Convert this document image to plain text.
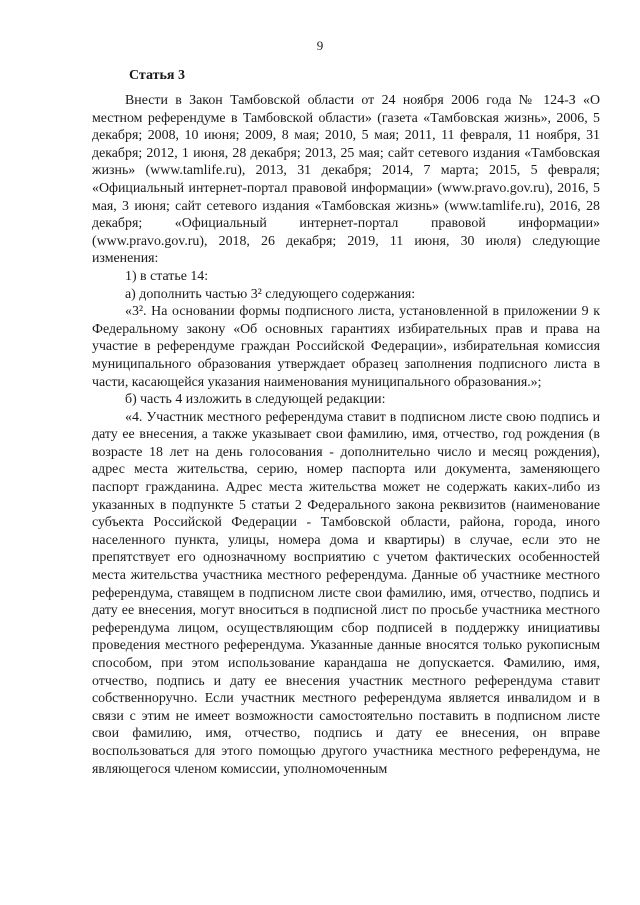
9
Статья 3

Внести в Закон Тамбовской области от 24 ноября 2006 года № 124-З «О местном референдуме в Тамбовской области» (газета «Тамбовская жизнь», 2006, 5 декабря; 2008, 10 июня; 2009, 8 мая; 2010, 5 мая; 2011, 11 февраля, 11 ноября, 31 декабря; 2012, 1 июня, 28 декабря; 2013, 25 мая; сайт сетевого издания «Тамбовская жизнь» (www.tamlife.ru), 2013, 31 декабря; 2014, 7 марта; 2015, 5 февраля; «Официальный интернет-портал правовой информации» (www.pravo.gov.ru), 2016, 5 мая, 3 июня; сайт сетевого издания «Тамбовская жизнь» (www.tamlife.ru), 2016, 28 декабря; «Официальный интернет-портал правовой информации» (www.pravo.gov.ru), 2018, 26 декабря; 2019, 11 июня, 30 июля) следующие изменения:

1) в статье 14:

а) дополнить частью 3² следующего содержания:

«3². На основании формы подписного листа, установленной в приложении 9 к Федеральному закону «Об основных гарантиях избирательных прав и права на участие в референдуме граждан Российской Федерации», избирательная комиссия муниципального образования утверждает образец заполнения подписного листа в части, касающейся указания наименования муниципального образования.»;

б) часть 4 изложить в следующей редакции:

«4. Участник местного референдума ставит в подписном листе свою подпись и дату ее внесения, а также указывает свои фамилию, имя, отчество, год рождения (в возрасте 18 лет на день голосования - дополнительно число и месяц рождения), адрес места жительства, серию, номер паспорта или документа, заменяющего паспорт гражданина. Адрес места жительства может не содержать каких-либо из указанных в подпункте 5 статьи 2 Федерального закона реквизитов (наименование субъекта Российской Федерации - Тамбовской области, района, города, иного населенного пункта, улицы, номера дома и квартиры) в случае, если это не препятствует его однозначному восприятию с учетом фактических особенностей места жительства участника местного референдума. Данные об участнике местного референдума, ставящем в подписном листе свои фамилию, имя, отчество, подпись и дату ее внесения, могут вноситься в подписной лист по просьбе участника местного референдума лицом, осуществляющим сбор подписей в поддержку инициативы проведения местного референдума. Указанные данные вносятся только рукописным способом, при этом использование карандаша не допускается. Фамилию, имя, отчество, подпись и дату ее внесения участник местного референдума ставит собственноручно. Если участник местного референдума является инвалидом и в связи с этим не имеет возможности самостоятельно поставить в подписном листе свои фамилию, имя, отчество, подпись и дату ее внесения, он вправе воспользоваться для этого помощью другого участника местного референдума, не являющегося членом комиссии, уполномоченным
